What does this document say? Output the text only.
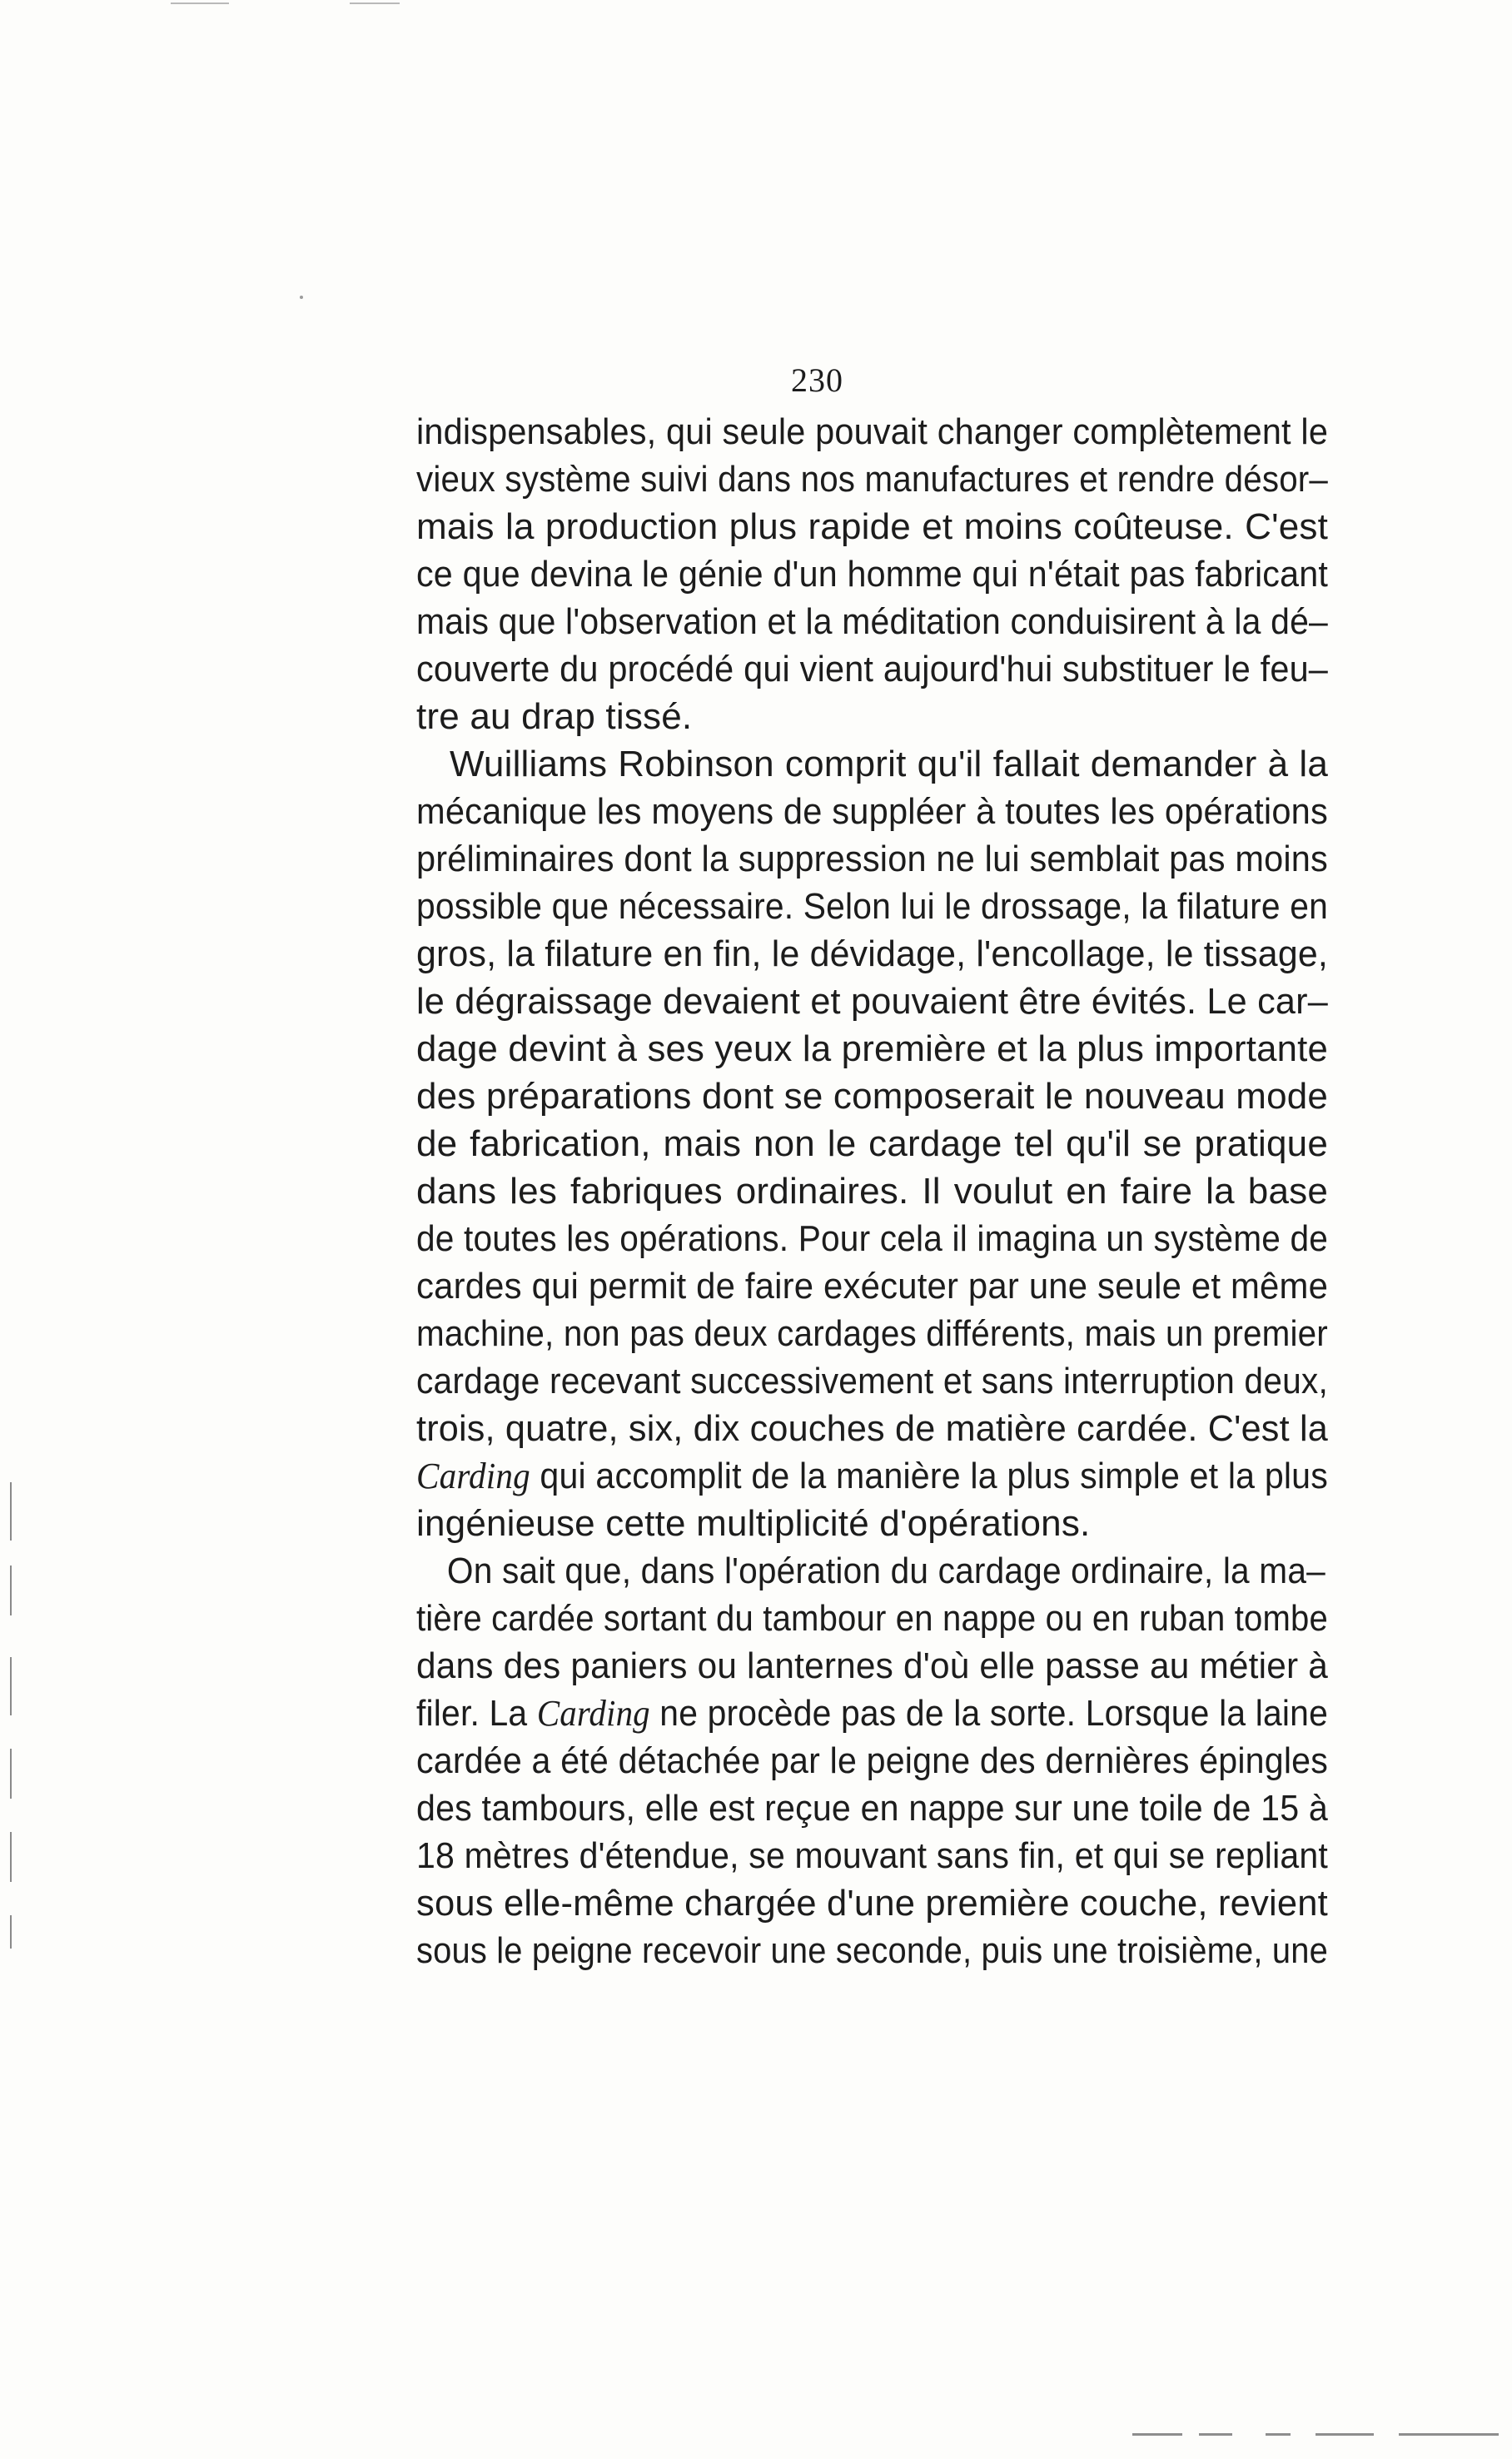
230

indispensables, qui seule pouvait changer complètement le
vieux système suivi dans nos manufactures et rendre désor–
mais la production plus rapide et moins coûteuse. C'est
ce que devina le génie d'un homme qui n'était pas fabricant
mais que l'observation et la méditation conduisirent à la dé–
couverte du procédé qui vient aujourd'hui substituer le feu–
tre au drap tissé.
Wuilliams Robinson comprit qu'il fallait demander à la
mécanique les moyens de suppléer à toutes les opérations
préliminaires dont la suppression ne lui semblait pas moins
possible que nécessaire. Selon lui le drossage, la filature en
gros, la filature en fin, le dévidage, l'encollage, le tissage,
le dégraissage devaient et pouvaient être évités. Le car–
dage devint à ses yeux la première et la plus importante
des préparations dont se composerait le nouveau mode
de fabrication, mais non le cardage tel qu'il se pratique
dans les fabriques ordinaires. Il voulut en faire la base
de toutes les opérations. Pour cela il imagina un système de
cardes qui permit de faire exécuter par une seule et même
machine, non pas deux cardages différents, mais un premier
cardage recevant successivement et sans interruption deux,
trois, quatre, six, dix couches de matière cardée. C'est la
Carding qui accomplit de la manière la plus simple et la plus
ingénieuse cette multiplicité d'opérations.
On sait que, dans l'opération du cardage ordinaire, la ma–
tière cardée sortant du tambour en nappe ou en ruban tombe
dans des paniers ou lanternes d'où elle passe au métier à
filer. La Carding ne procède pas de la sorte. Lorsque la laine
cardée a été détachée par le peigne des dernières épingles
des tambours, elle est reçue en nappe sur une toile de 15 à
18 mètres d'étendue, se mouvant sans fin, et qui se repliant
sous elle-même chargée d'une première couche, revient
sous le peigne recevoir une seconde, puis une troisième, une
